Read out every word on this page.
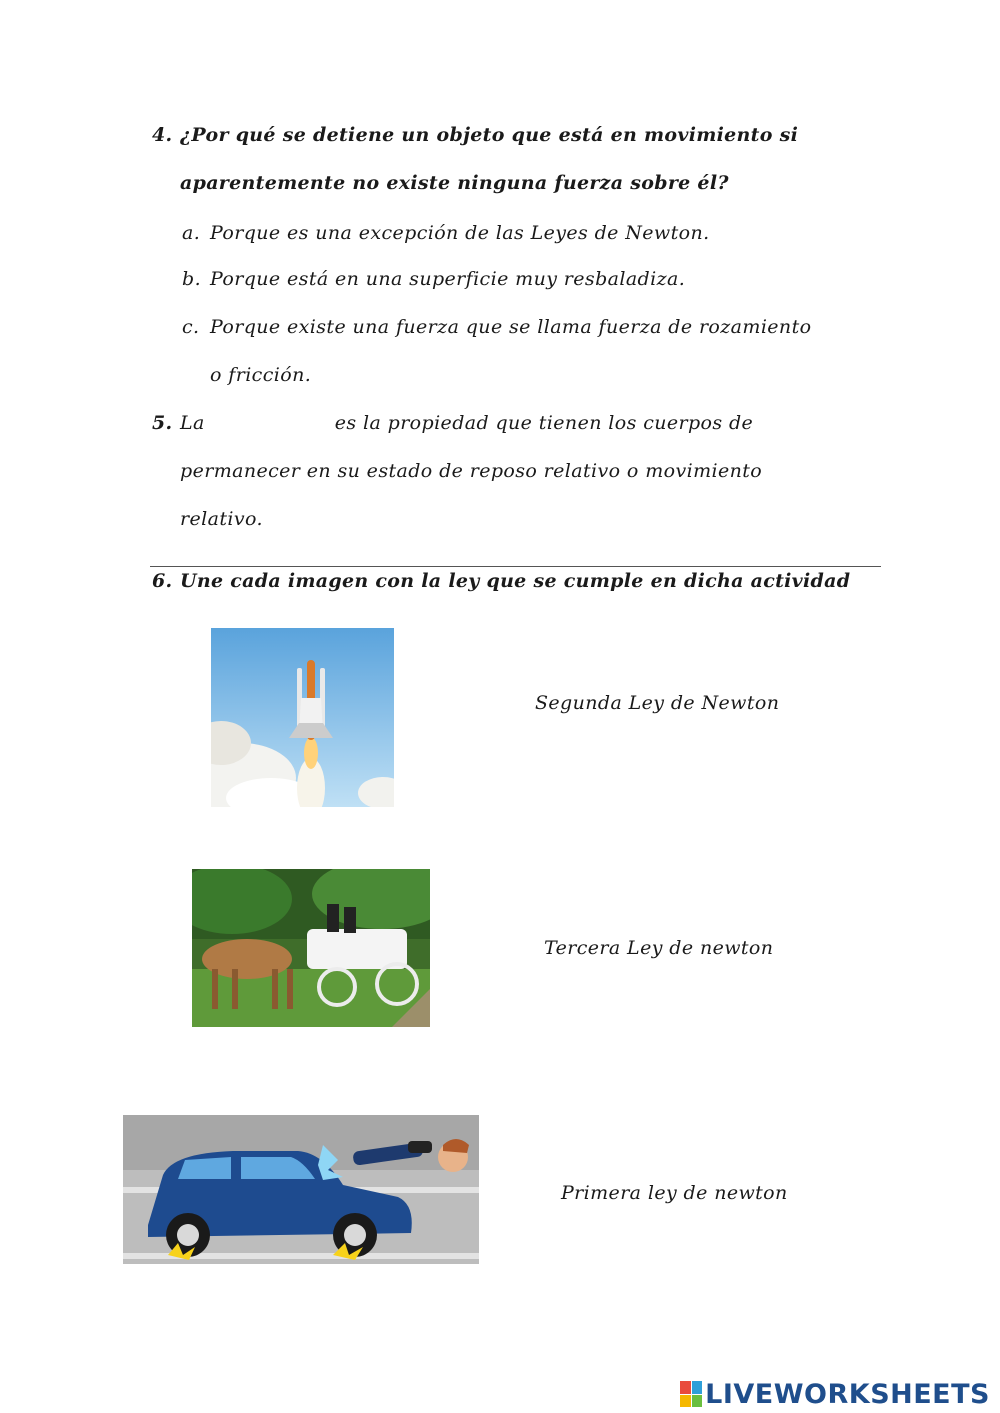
4. ¿Por qué se detiene un objeto que está en movimiento si
aparentemente no existe ninguna fuerza sobre él?
a. Porque es una excepción de las Leyes de Newton.
b. Porque está en una superficie muy resbaladiza.
c. Porque existe una fuerza que se llama fuerza de rozamiento
o fricción.
5. La	es la propiedad que tienen los cuerpos de
permanecer en su estado de reposo relativo o movimiento
relativo.
6. Une cada imagen con la ley que se cumple en dicha actividad
Segunda Ley de Newton
Tercera Ley de newton
Primera ley de newton
LIVEWORKSHEETS
